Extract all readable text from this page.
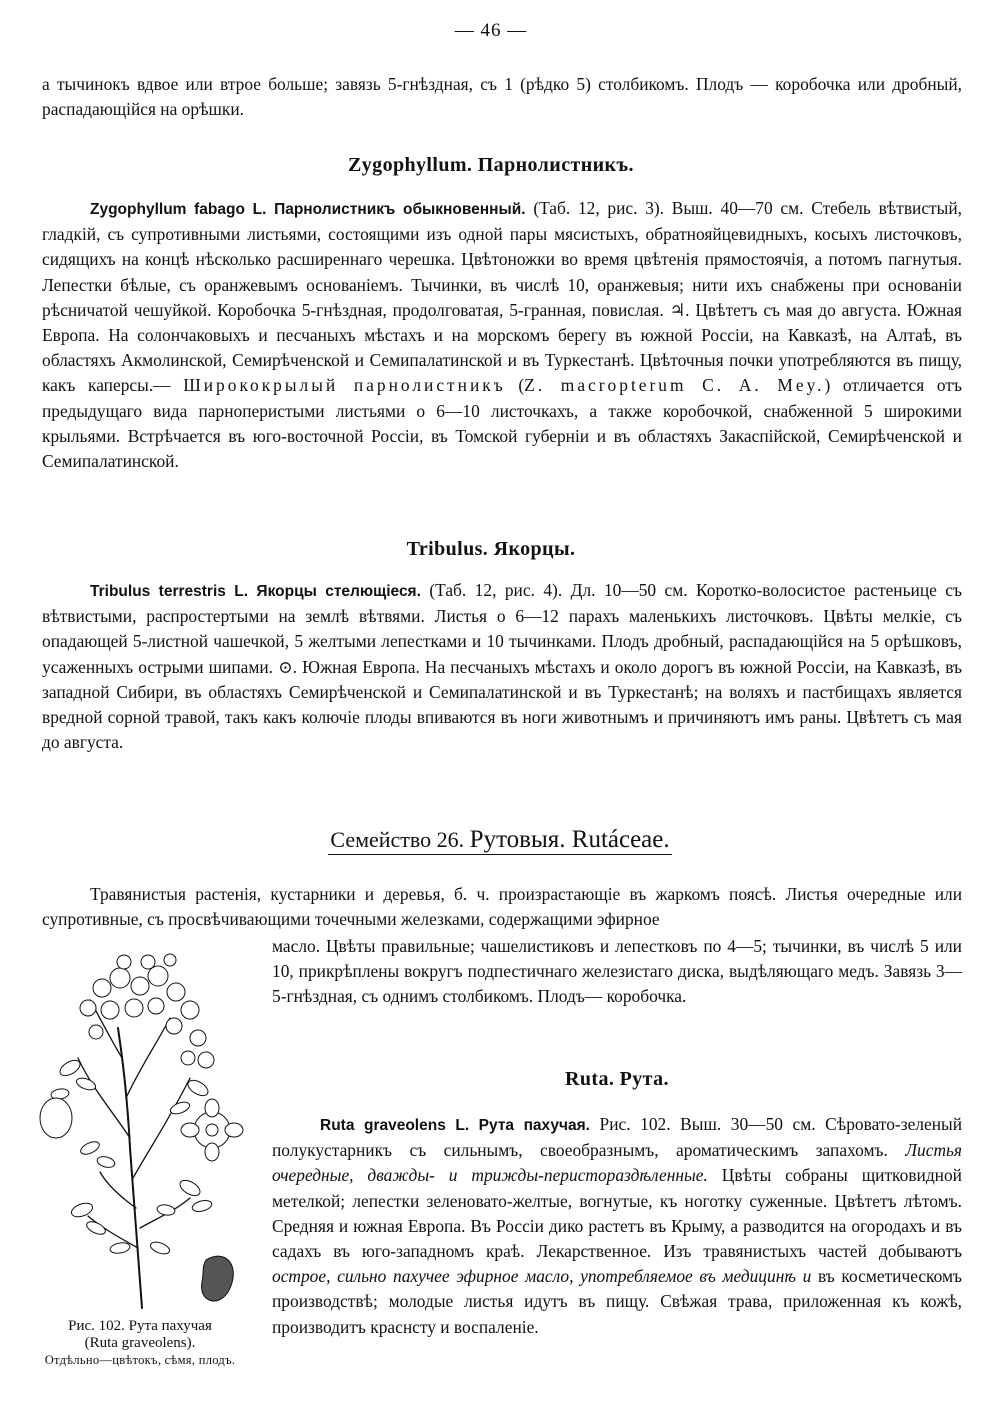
— 46 —
а тычинокъ вдвое или втрое больше; завязь 5-гнѣздная, съ 1 (рѣдко 5) столбикомъ. Плодъ — коробочка или дробный, распадающійся на орѣшки.
Zygophyllum. Парнолистникъ.
Zygophyllum fabago L. Парнолистникъ обыкновенный. (Таб. 12, рис. 3). Выш. 40—70 см. Стебель вѣтвистый, гладкій, съ супротивными листьями, состоящими изъ одной пары мясистыхъ, обратнояйцевидныхъ, косыхъ листочковъ, сидящихъ на концѣ нѣсколько расширеннаго черешка. Цвѣтоножки во время цвѣтенія прямостоячія, а потомъ пагнутыя. Лепестки бѣлые, съ оранжевымъ основаніемъ. Тычинки, въ числѣ 10, оранжевыя; нити ихъ снабжены при основаніи рѣсничатой чешуйкой. Коробочка 5-гнѣздная, продолговатая, 5-гранная, повислая. ♃. Цвѣтетъ съ мая до августа. Южная Европа. На солончаковыхъ и песчаныхъ мѣстахъ и на морскомъ берегу въ южной Россіи, на Кавказѣ, на Алтаѣ, въ областяхъ Акмолинской, Семирѣченской и Семипалатинской и въ Туркестанѣ. Цвѣточныя почки употребляются въ пищу, какъ каперсы.— Ширококрылый парнолистникъ (Z. macropterum C. A. Mey.) отличается отъ предыдущаго вида парноперистыми листьями о 6—10 листочкахъ, а также коробочкой, снабженной 5 широкими крыльями. Встрѣчается въ юго-восточной Россіи, въ Томской губерніи и въ областяхъ Закаспійской, Семирѣченской и Семипалатинской.
Tribulus. Якорцы.
Tribulus terrestris L. Якорцы стелющіеся. (Таб. 12, рис. 4). Дл. 10—50 см. Коротко-волосистое растеньице съ вѣтвистыми, распростертыми на землѣ вѣтвями. Листья о 6—12 парахъ маленькихъ листочковъ. Цвѣты мелкіе, съ опадающей 5-листной чашечкой, 5 желтыми лепестками и 10 тычинками. Плодъ дробный, распадающійся на 5 орѣшковъ, усаженныхъ острыми шипами. ⊙. Южная Европа. На песчаныхъ мѣстахъ и около дорогъ въ южной Россіи, на Кавказѣ, въ западной Сибири, въ областяхъ Семирѣченской и Семипалатинской и въ Туркестанѣ; на воляхъ и пастбищахъ является вредной сорной травой, такъ какъ колючіе плоды впиваются въ ноги животнымъ и причиняютъ имъ раны. Цвѣтетъ съ мая до августа.
Семейство 26. Рутовыя. Rutáceae.
Травянистыя растенія, кустарники и деревья, б. ч. произрастающіе въ жаркомъ поясѣ. Листья очередные или супротивные, съ просвѣчивающими точечными железками, содержащими эфирное
масло. Цвѣты правильные; чашелистиковъ и лепестковъ по 4—5; тычинки, въ числѣ 5 или 10, прикрѣплены вокругъ подпестичнаго железистаго диска, выдѣляющаго медъ. Завязь 3—5-гнѣздная, съ однимъ столбикомъ. Плодъ— коробочка.
Ruta. Рута.
Ruta graveolens L. Рута пахучая. Рис. 102. Выш. 30—50 см. Сѣровато-зеленый полукустарникъ съ сильнымъ, своеобразнымъ, ароматическимъ запахомъ. Листья очередные, дважды- и трижды-перистораздѣленные. Цвѣты собраны щитковидной метелкой; лепестки зеленовато-желтые, вогнутые, къ ноготку суженные. Цвѣтетъ лѣтомъ. Средняя и южная Европа. Въ Россіи дико растетъ въ Крыму, а разводится на огородахъ и въ садахъ въ юго-западномъ краѣ. Лекарственное. Изъ травянистыхъ частей добываютъ острое, сильно пахучее эфирное масло, употребляемое въ медицинѣ и въ косметическомъ производствѣ; молодые листья идутъ въ пищу. Свѣжая трава, приложенная къ кожѣ, производитъ краснсту и воспаленіе.
Рис. 102. Рута пахучая
(Ruta graveolens).
Отдѣльно—цвѣтокъ, сѣмя, плодъ.
